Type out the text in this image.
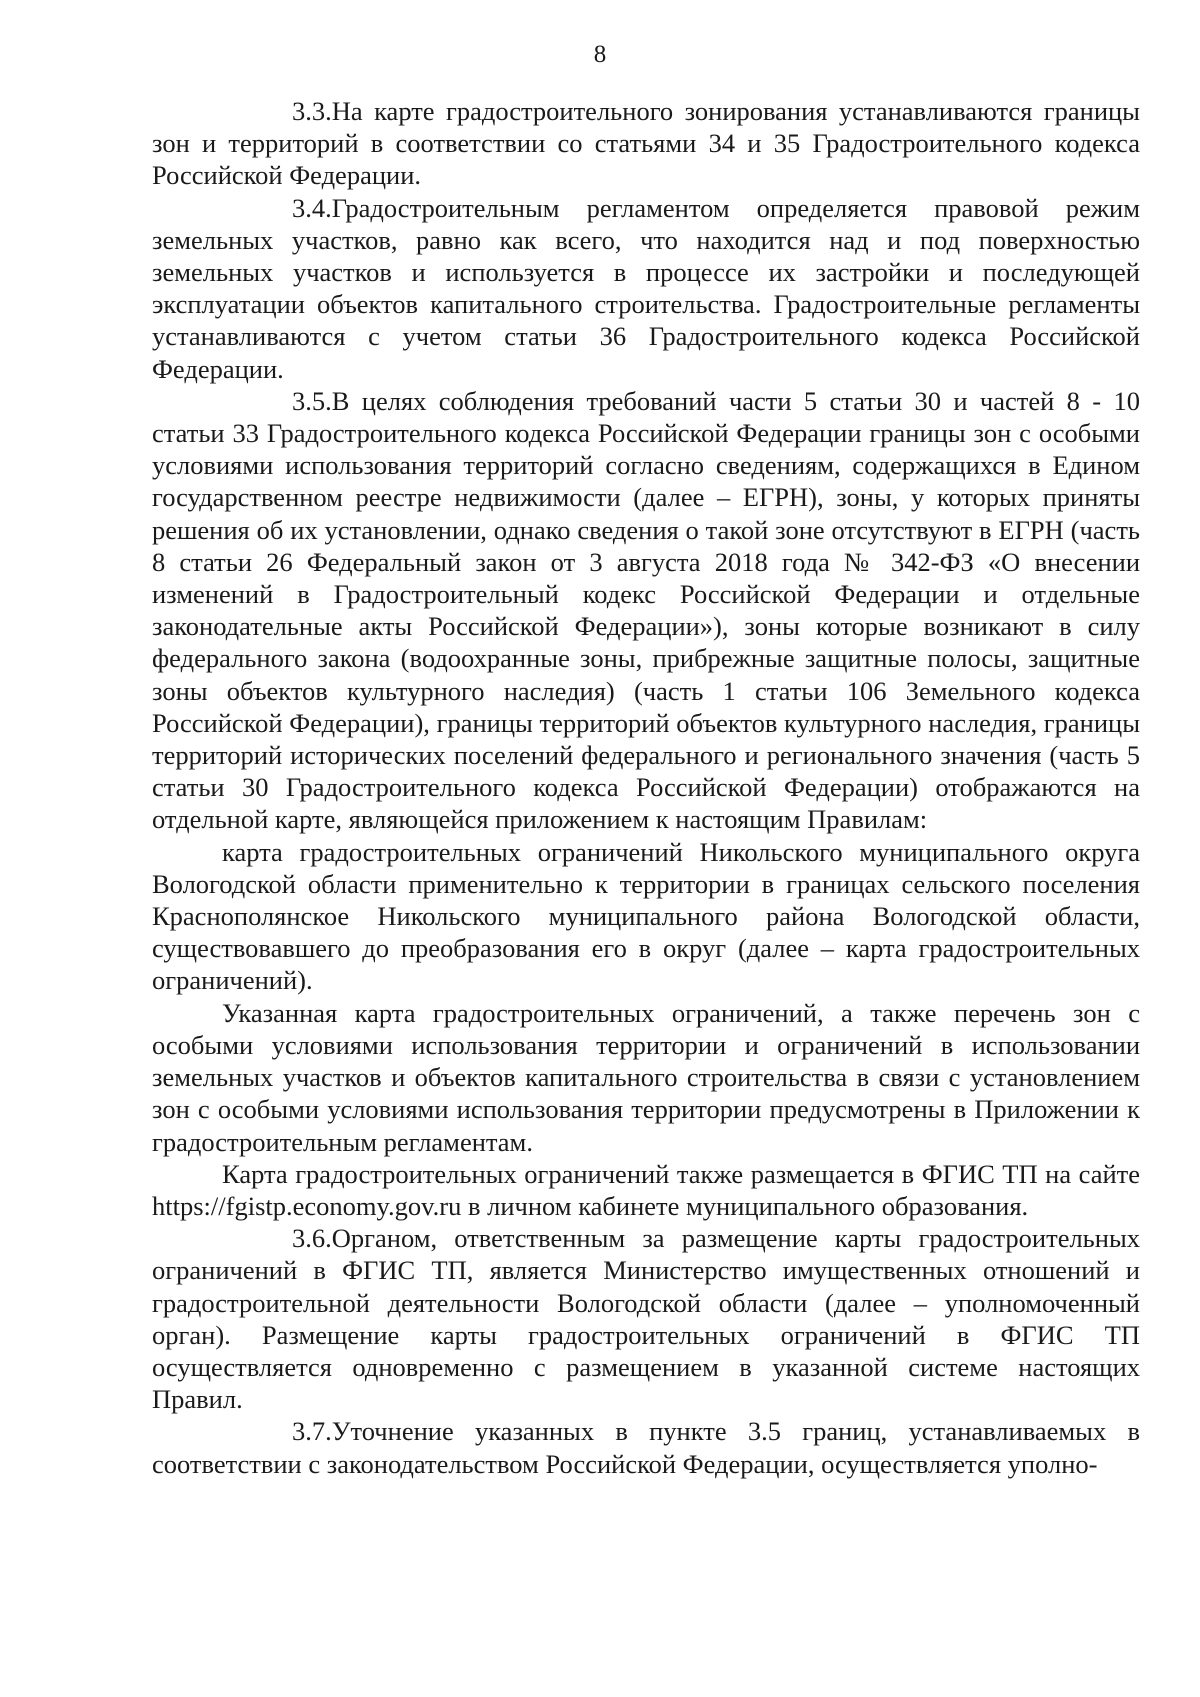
8

3.3.На карте градостроительного зонирования устанавливаются границы зон и территорий в соответствии со статьями 34 и 35 Градостроительного кодекса Российской Федерации.

3.4.Градостроительным регламентом определяется правовой режим земельных участков, равно как всего, что находится над и под поверхностью земельных участков и используется в процессе их застройки и последующей эксплуатации объектов капитального строительства. Градостроительные регламенты устанавливаются с учетом статьи 36 Градостроительного кодекса Российской Федерации.

3.5.В целях соблюдения требований части 5 статьи 30 и частей 8 - 10 статьи 33 Градостроительного кодекса Российской Федерации границы зон с особыми условиями использования территорий согласно сведениям, содержащихся в Едином государственном реестре недвижимости (далее – ЕГРН), зоны, у которых приняты решения об их установлении, однако сведения о такой зоне отсутствуют в ЕГРН (часть 8 статьи 26 Федеральный закон от 3 августа 2018 года № 342-ФЗ «О внесении изменений в Градостроительный кодекс Российской Федерации и отдельные законодательные акты Российской Федерации»), зоны которые возникают в силу федерального закона (водоохранные зоны, прибрежные защитные полосы, защитные зоны объектов культурного наследия) (часть 1 статьи 106 Земельного кодекса Российской Федерации), границы территорий объектов культурного наследия, границы территорий исторических поселений федерального и регионального значения (часть 5 статьи 30 Градостроительного кодекса Российской Федерации) отображаются на отдельной карте, являющейся приложением к настоящим Правилам:

карта градостроительных ограничений Никольского муниципального округа Вологодской области применительно к территории в границах сельского поселения Краснополянское Никольского муниципального района Вологодской области, существовавшего до преобразования его в округ (далее – карта градостроительных ограничений).

Указанная карта градостроительных ограничений, а также перечень зон с особыми условиями использования территории и ограничений в использовании земельных участков и объектов капитального строительства в связи с установлением зон с особыми условиями использования территории предусмотрены в Приложении к градостроительным регламентам.

Карта градостроительных ограничений также размещается в ФГИС ТП на сайте https://fgistp.economy.gov.ru в личном кабинете муниципального образования.

3.6.Органом, ответственным за размещение карты градостроительных ограничений в ФГИС ТП, является Министерство имущественных отношений и градостроительной деятельности Вологодской области (далее – уполномоченный орган). Размещение карты градостроительных ограничений в ФГИС ТП осуществляется одновременно с размещением в указанной системе настоящих Правил.

3.7.Уточнение указанных в пункте 3.5 границ, устанавливаемых в соответствии с законодательством Российской Федерации, осуществляется уполно-
